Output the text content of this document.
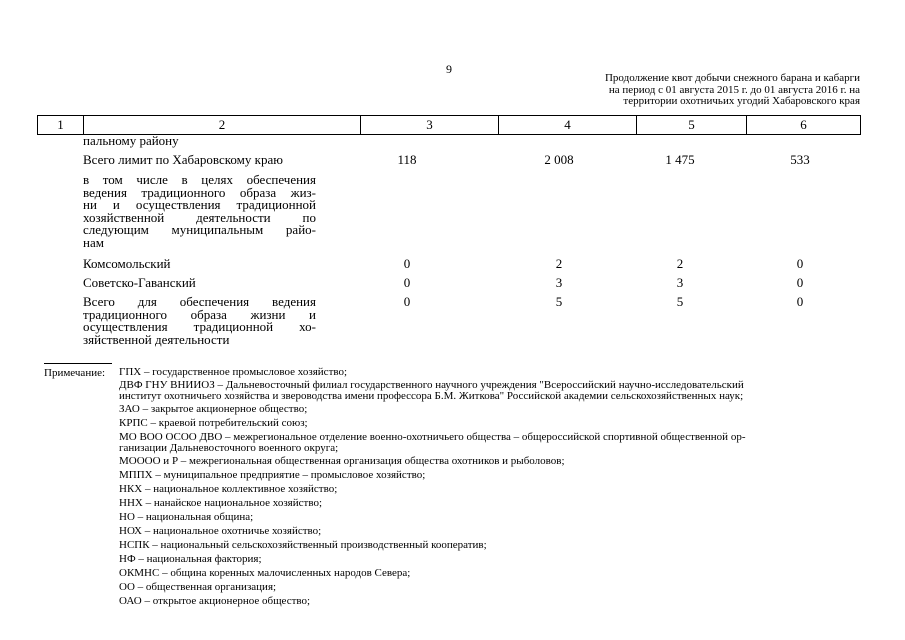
9
Продолжение квот добычи снежного барана и кабарги
на период с 01 августа 2015 г. до 01 августа 2016 г. на
территории охотничьих угодий Хабаровского края
1	2	3	4	5	6
пальному району
Всего лимит по Хабаровскому краю	118	2 008	1 475	533
в том числе в целях обеспечения
ведения традиционного образа жиз-
ни и осуществления традиционной
хозяйственной деятельности по
следующим муниципальным райо-
нам
Комсомольский	0	2	2	0
Советско-Гаванский	0	3	3	0
Всего для обеспечения ведения
традиционного образа жизни и
осуществления традиционной хо-
зяйственной деятельности
0	5	5	0
Примечание: ГПХ – государственное промысловое хозяйство;
ДВФ ГНУ ВНИИОЗ – Дальневосточный филиал государственного научного учреждения "Всероссийский научно-исследовательский
институт охотничьего хозяйства и звероводства имени профессора Б.М. Житкова" Российской академии сельскохозяйственных наук;
ЗАО – закрытое акционерное общество;
КРПС – краевой потребительский союз;
МО ВОО ОСОО ДВО – межрегиональное отделение военно-охотничьего общества – общероссийской спортивной общественной ор-
ганизации Дальневосточного военного округа;
МОООО и Р – межрегиональная общественная организация общества охотников и рыболовов;
МППХ – муниципальное предприятие – промысловое хозяйство;
НКХ – национальное коллективное хозяйство;
ННХ – нанайское национальное хозяйство;
НО – национальная община;
НОХ – национальное охотничье хозяйство;
НСПК – национальный сельскохозяйственный производственный кооператив;
НФ – национальная фактория;
ОКМНС – община коренных малочисленных народов Севера;
ОО – общественная организация;
ОАО – открытое акционерное общество;
